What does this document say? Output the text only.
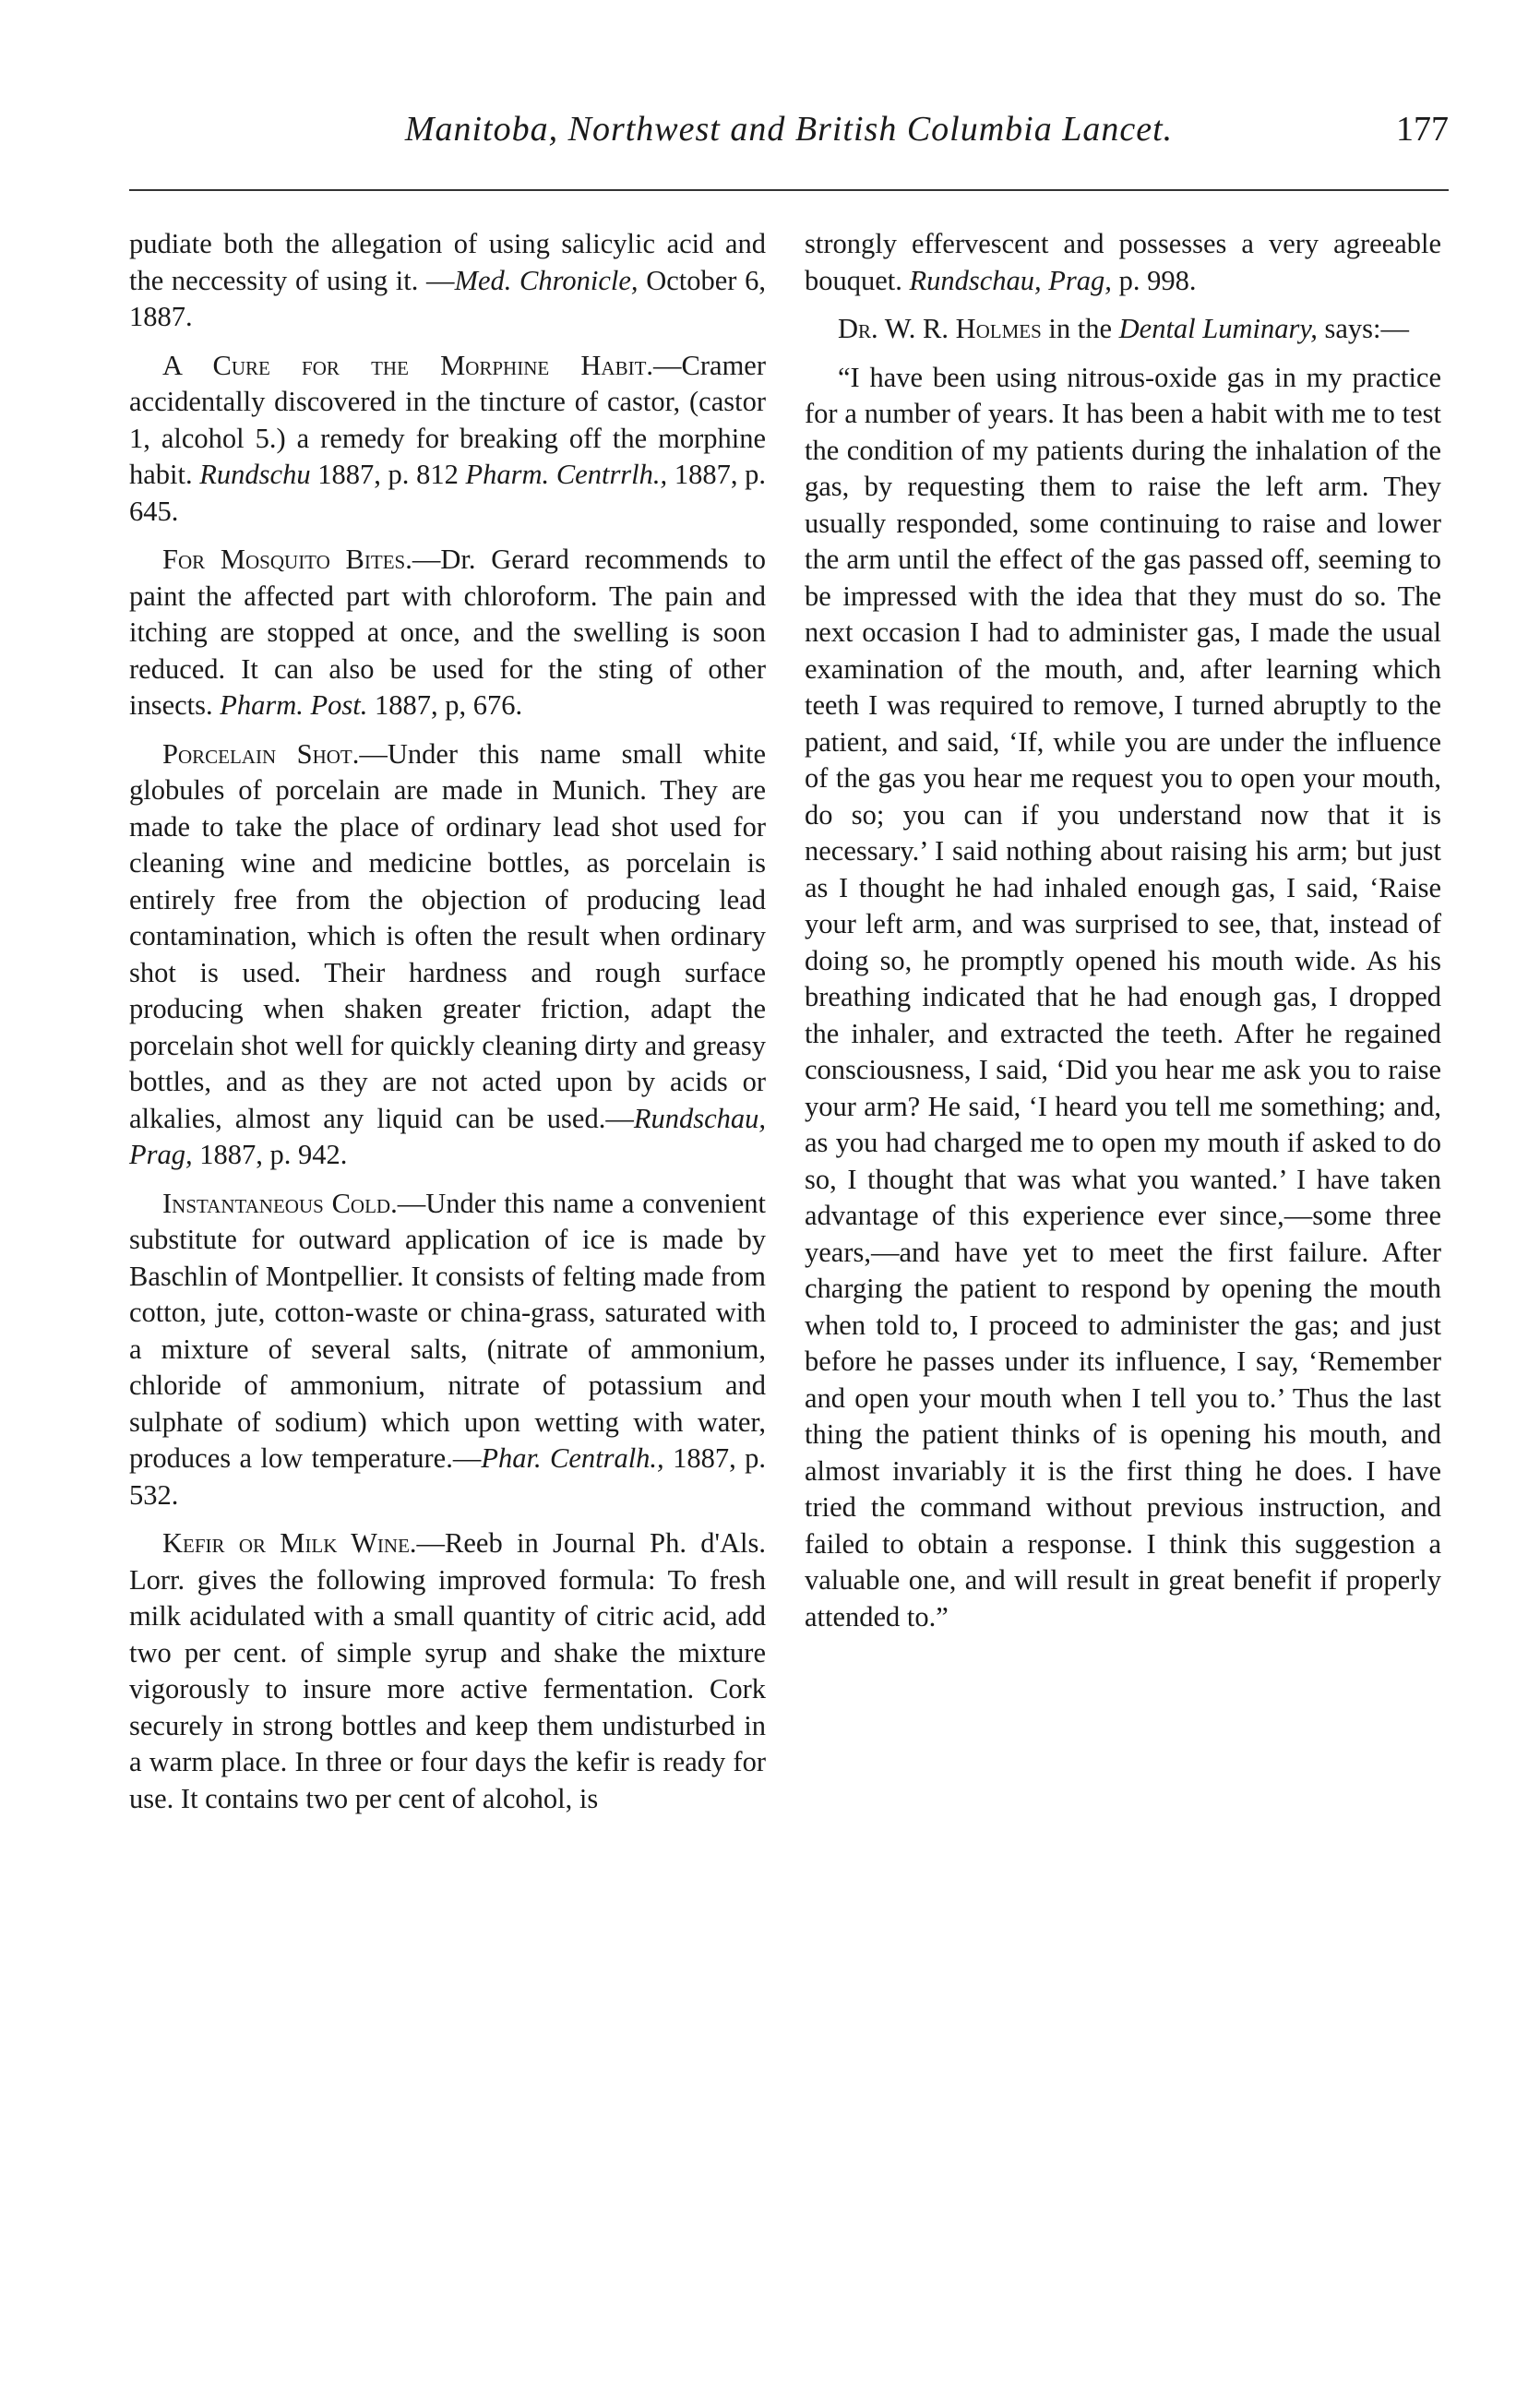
Manitoba, Northwest and British Columbia Lancet.	177

pudiate both the allegation of using salicylic acid and the neccessity of using it. —Med. Chronicle, October 6, 1887.

A Cure for the Morphine Habit.—Cramer accidentally discovered in the tincture of castor, (castor 1, alcohol 5.) a remedy for breaking off the morphine habit. Rundschu 1887, p. 812 Pharm. Centrrlh., 1887, p. 645.

For Mosquito Bites.—Dr. Gerard recommends to paint the affected part with chloroform. The pain and itching are stopped at once, and the swelling is soon reduced. It can also be used for the sting of other insects. Pharm. Post. 1887, p, 676.

Porcelain Shot.—Under this name small white globules of porcelain are made in Munich. They are made to take the place of ordinary lead shot used for cleaning wine and medicine bottles, as porcelain is entirely free from the objection of producing lead contamination, which is often the result when ordinary shot is used. Their hardness and rough surface producing when shaken greater friction, adapt the porcelain shot well for quickly cleaning dirty and greasy bottles, and as they are not acted upon by acids or alkalies, almost any liquid can be used.—Rundschau, Prag, 1887, p. 942.

Instantaneous Cold.—Under this name a convenient substitute for outward application of ice is made by Baschlin of Montpellier. It consists of felting made from cotton, jute, cotton-waste or china-grass, saturated with a mixture of several salts, (nitrate of ammonium, chloride of ammonium, nitrate of potassium and sulphate of sodium) which upon wetting with water, produces a low temperature.—Phar. Centralh., 1887, p. 532.

Kefir or Milk Wine.—Reeb in Journal Ph. d'Als. Lorr. gives the following improved formula: To fresh milk acidulated with a small quantity of citric acid, add two per cent. of simple syrup and shake the mixture vigorously to insure more active fermentation. Cork securely in strong bottles and keep them undisturbed in a warm place. In three or four days the kefir is ready for use. It contains two per cent of alcohol, is

strongly effervescent and possesses a very agreeable bouquet. Rundschau, Prag, p. 998.

Dr. W. R. Holmes in the Dental Luminary, says:—

“I have been using nitrous-oxide gas in my practice for a number of years. It has been a habit with me to test the condition of my patients during the inhalation of the gas, by requesting them to raise the left arm. They usually responded, some continuing to raise and lower the arm until the effect of the gas passed off, seeming to be impressed with the idea that they must do so. The next occasion I had to administer gas, I made the usual examination of the mouth, and, after learning which teeth I was required to remove, I turned abruptly to the patient, and said, ‘If, while you are under the influence of the gas you hear me request you to open your mouth, do so; you can if you understand now that it is necessary.’ I said nothing about raising his arm; but just as I thought he had inhaled enough gas, I said, ‘Raise your left arm, and was surprised to see, that, instead of doing so, he promptly opened his mouth wide. As his breathing indicated that he had enough gas, I dropped the inhaler, and extracted the teeth. After he regained consciousness, I said, ‘Did you hear me ask you to raise your arm? He said, ‘I heard you tell me something; and, as you had charged me to open my mouth if asked to do so, I thought that was what you wanted.’ I have taken advantage of this experience ever since,—some three years,—and have yet to meet the first failure. After charging the patient to respond by opening the mouth when told to, I proceed to administer the gas; and just before he passes under its influence, I say, ‘Remember and open your mouth when I tell you to.’ Thus the last thing the patient thinks of is opening his mouth, and almost invariably it is the first thing he does. I have tried the command without previous instruction, and failed to obtain a response. I think this suggestion a valuable one, and will result in great benefit if properly attended to.”
